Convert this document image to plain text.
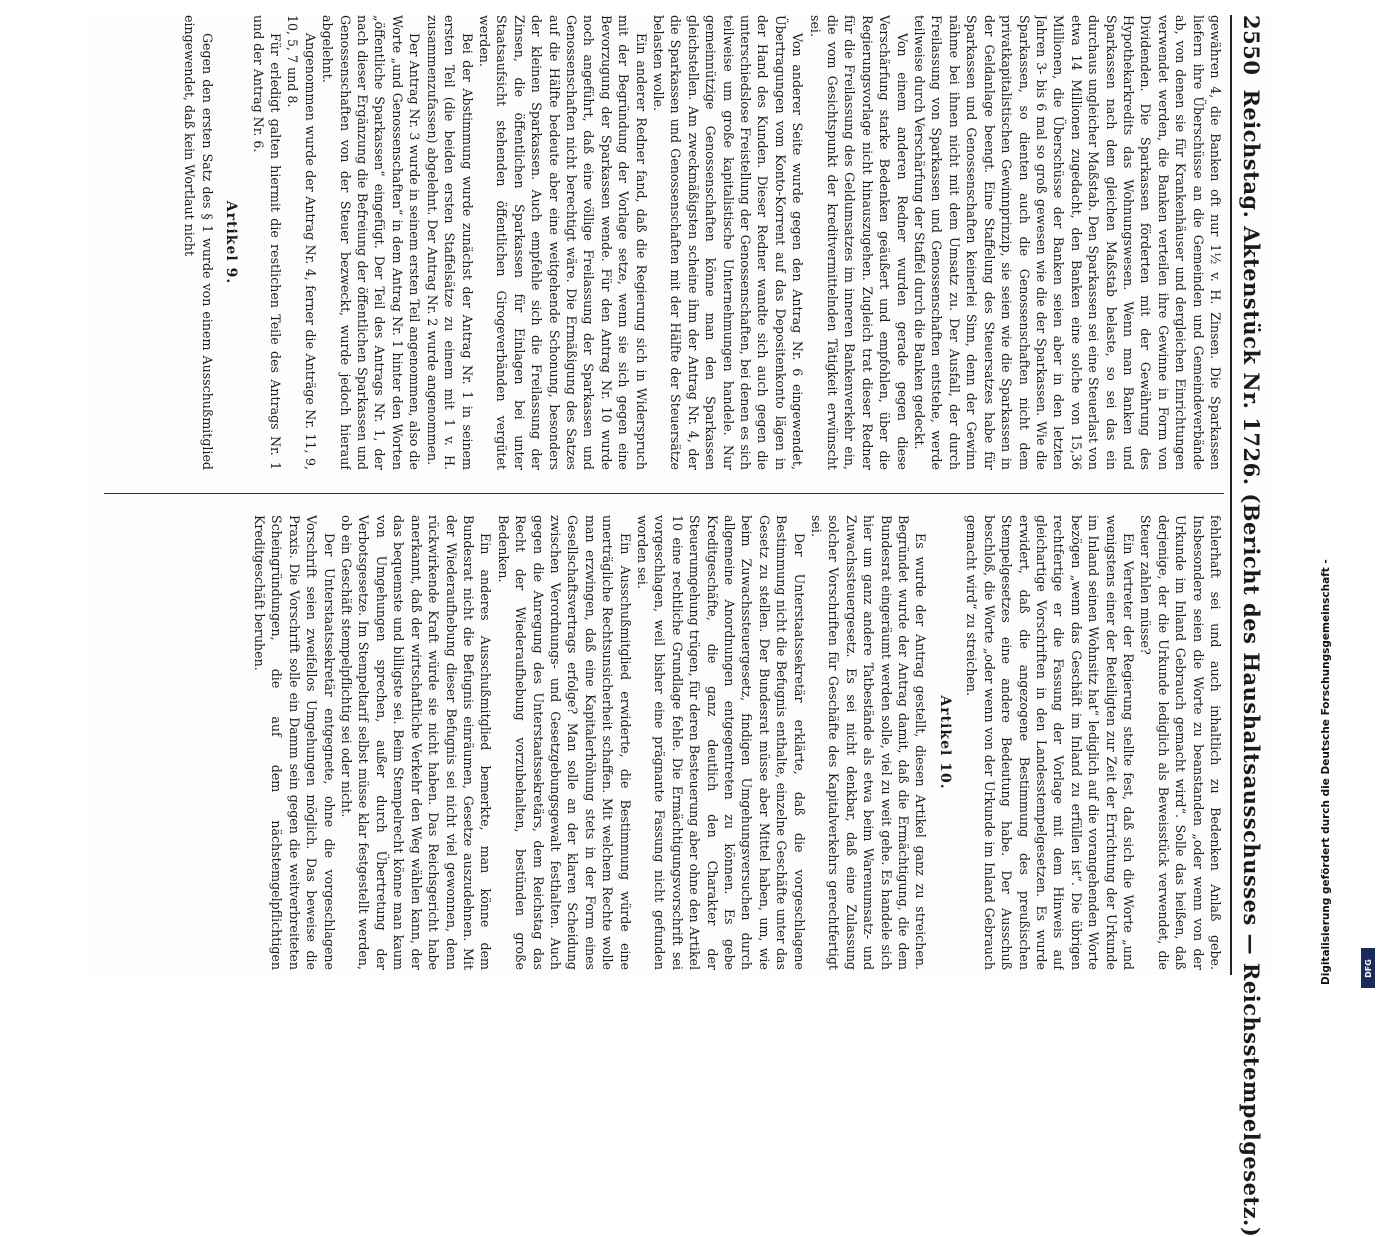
2550
Reichstag. Aktenstück Nr. 1726. (Bericht des Haushaltsausschusses — Reichsstempelgesetz.)

gewähren 4, die Banken oft nur 1½ v. H. Zinsen. Die Sparkassen liefern ihre Überschüsse an die Gemeinden und Gemeindeverbände ab, von denen sie für Krankenhäuser und dergleichen Einrichtungen verwendet werden, die Banken verteilen ihre Gewinne in Form von Dividenden. Die Sparkassen förderten mit der Gewährung des Hypothekarkredits das Wohnungswesen. Wenn man Banken und Sparkassen nach dem gleichen Maßstab belaste, so sei das ein durchaus ungleicher Maßstab. Den Sparkassen sei eine Steuerlast von etwa 14 Millionen zugedacht, den Banken eine solche von 15,36 Millionen, die Überschüsse der Banken seien aber in den letzten Jahren 3- bis 6 mal so groß gewesen wie die der Sparkassen. Wie die Sparkassen, so dienten auch die Genossenschaften nicht dem privatkapitalistischen Gewinnprinzip, sie seien wie die Sparkassen in der Geldanlage beengt. Eine Staffelung des Steuersatzes habe für Sparkassen und Genossenschaften keinerlei Sinn, denn der Gewinn nähme bei ihnen nicht mit dem Umsatz zu. Der Ausfall, der durch Freilassung von Sparkassen und Genossenschaften entstehe, werde teilweise durch Verschärfung der Staffel durch die Banken gedeckt.

Von einem anderen Redner wurden gerade gegen diese Verschärfung starke Bedenken geäußert und empfohlen, über die Regierungsvorlage nicht hinauszugehen. Zugleich trat dieser Redner für die Freilassung des Geldumsatzes im inneren Bankenverkehr ein, die vom Gesichtspunkt der kreditvermittelnden Tätigkeit erwünscht sei.

Von anderer Seite wurde gegen den Antrag Nr. 6 eingewendet, Übertragungen vom Konto-Korrent auf das Depositenkonto lägen in der Hand des Kunden. Dieser Redner wandte sich auch gegen die unterschiedslose Freistellung der Genossenschaften, bei denen es sich teilweise um große kapitalistische Unternehmungen handele. Nur gemeinnützige Genossenschaften könne man den Sparkassen gleichstellen. Am zweckmäßigsten scheine ihm der Antrag Nr. 4, der die Sparkassen und Genossenschaften mit der Hälfte der Steuersätze belasten wolle.

Ein anderer Redner fand, daß die Regierung sich in Widerspruch mit der Begründung der Vorlage setze, wenn sie sich gegen eine Bevorzugung der Sparkassen wende. Für den Antrag Nr. 10 wurde noch angeführt, daß eine völlige Freilassung der Sparkassen und Genossenschaften nicht berechtigt wäre. Die Ermäßigung des Satzes auf die Hälfte bedeute aber eine weitgehende Schonung, besonders der kleinen Sparkassen. Auch empfehle sich die Freilassung der Zinsen, die öffentlichen Sparkassen für Einlagen bei unter Staatsaufsicht stehenden öffentlichen Girogeverbänden vergütet werden.

Bei der Abstimmung wurde zunächst der Antrag Nr. 1 in seinem ersten Teil (die beiden ersten Staffelsätze zu einem mit 1 v. H. zusammenzufassen) abgelehnt. Der Antrag Nr. 2 wurde angenommen.

Der Antrag Nr. 3 wurde in seinem ersten Teil angenommen, also die Worte „und Genossenschaften“ in dem Antrag Nr. 1 hinter den Worten „öffentliche Sparkassen“ eingefügt. Der Teil des Antrags Nr. 1, der nach dieser Ergänzung die Befreiung der öffentlichen Sparkassen und Genossenschaften von der Steuer bezweckt, wurde jedoch hierauf abgelehnt.

Angenommen wurde der Antrag Nr. 4, ferner die Anträge Nr. 11, 9, 10, 5, 7 und 8.

Für erledigt galten hiermit die restlichen Teile des Antrags Nr. 1 und der Antrag Nr. 6.

Artikel 9.

Gegen den ersten Satz des § 1 wurde von einem Ausschußmitglied eingewendet, daß kein Wortlaut nicht

fehlerhaft sei und auch inhaltlich zu Bedenken Anlaß gebe. Insbesondere seien die Worte zu beanstanden „oder wenn von der Urkunde im Inland Gebrauch gemacht wird“. Solle das heißen, daß derjenige, der die Urkunde lediglich als Beweisstück verwendet, die Steuer zahlen müsse?

Ein Vertreter der Regierung stellte fest, daß sich die Worte „und wenigstens einer der Beteiligten zur Zeit der Errichtung der Urkunde im Inland seinen Wohnsitz hat“ lediglich auf die vorangehenden Worte bezögen „wenn das Geschäft im Inland zu erfüllen ist“. Die übrigen rechtfertige er die Fassung der Vorlage mit dem Hinweis auf gleichartige Vorschriften in den Landesstempelgesetzen. Es wurde erwidert, daß die angezogene Bestimmung des preußischen Stempelgesetzes eine andere Bedeutung habe. Der Ausschuß beschloß, die Worte „oder wenn von der Urkunde im Inland Gebrauch gemacht wird“ zu streichen.

Artikel 10.

Es wurde der Antrag gestellt, diesen Artikel ganz zu streichen. Begründet wurde der Antrag damit, daß die Ermächtigung, die dem Bundesrat eingeräumt werden solle, viel zu weit gehe. Es handele sich hier um ganz andere Tatbestände als etwa beim Warenumsatz- und Zuwachssteuergesetz. Es sei nicht denkbar, daß eine Zulassung solcher Vorschriften für Geschäfte des Kapitalverkehrs gerechtfertigt sei.

Der Unterstaatssekretär erklärte, daß die vorgeschlagene Bestimmung nicht die Befugnis enthalte, einzelne Geschäfte unter das Gesetz zu stellen. Der Bundesrat müsse aber Mittel haben, um, wie beim Zuwachssteuergesetz, findigen Umgehungsversuchen durch allgemeine Anordnungen entgegentreten zu können. Es gebe Kreditgeschäfte, die ganz deutlich den Charakter der Steuerumgehung trügen, für deren Besteuerung aber ohne den Artikel 10 eine rechtliche Grundlage fehle. Die Ermächtigungsvorschrift sei vorgeschlagen, weil bisher eine prägnante Fassung nicht gefunden worden sei.

Ein Ausschußmitglied erwiderte, die Bestimmung würde eine unerträgliche Rechtsunsicherheit schaffen. Mit welchem Rechte wolle man erzwingen, daß eine Kapitalerhöhung stets in der Form eines Gesellschaftsvertrags erfolge? Man solle an der klaren Scheidung zwischen Verordnungs- und Gesetzgebungsgewalt festhalten. Auch gegen die Anregung des Unterstaatssekretärs, dem Reichstag das Recht der Wiederaufhebung vorzubehalten, bestünden große Bedenken.

Ein anderes Ausschußmitglied bemerkte, man könne dem Bundesrat nicht die Befugnis einräumen, Gesetze auszudehnen. Mit der Wiederaufhebung dieser Befugnis sei nicht viel gewonnen, denn rückwirkende Kraft würde sie nicht haben. Das Reichsgericht habe anerkannt, daß der wirtschaftliche Verkehr den Weg wählen kann, der das bequemste und billigste sei. Beim Stempelrecht könne man kaum von Umgehungen sprechen, außer durch Übertretung der Verbotsgesetze. Im Stempeltarif selbst müsse klar festgestellt werden, ob ein Geschäft stempelpflichtig sei oder nicht.

Der Unterstaatssekretär entgegnete, ohne die vorgeschlagene Vorschrift seien zweifellos Umgehungen möglich. Das beweise die Praxis. Die Vorschrift solle ein Damm sein gegen die weitverbreiteten Scheingründungen, die auf dem nächstemgelpflichtigen Kreditgeschäft beruhen.	Digitalisierung gefördert durch die Deutsche Forschungsgemeinschaft -	DFG
